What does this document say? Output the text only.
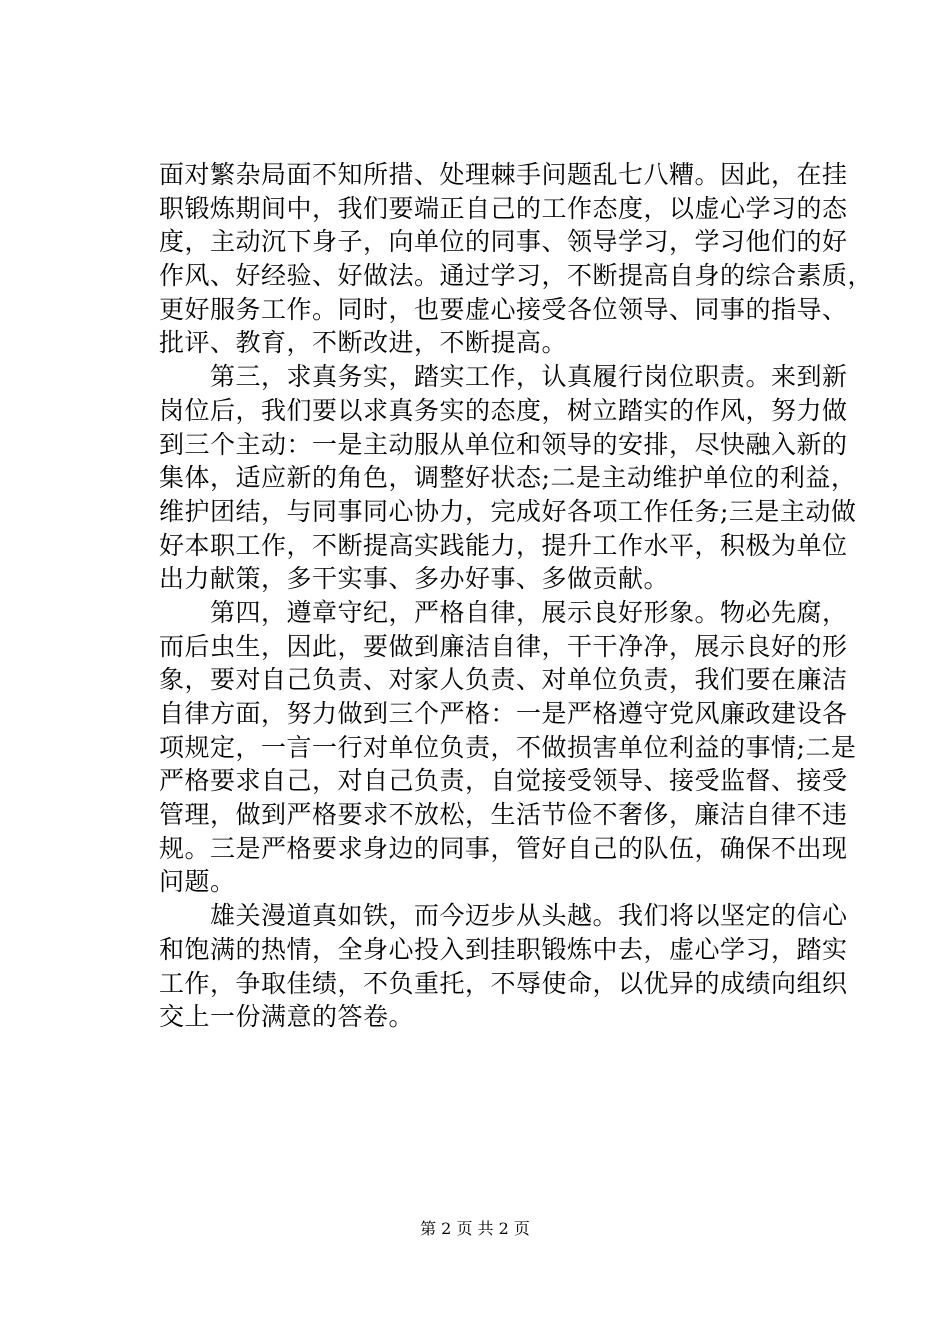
面对繁杂局面不知所措、处理棘手问题乱七八糟。因此，在挂
职锻炼期间中，我们要端正自己的工作态度，以虚心学习的态
度，主动沉下身子，向单位的同事、领导学习，学习他们的好
作风、好经验、好做法。通过学习，不断提高自身的综合素质，
更好服务工作。同时，也要虚心接受各位领导、同事的指导、
批评、教育，不断改进，不断提高。
　　第三，求真务实，踏实工作，认真履行岗位职责。来到新
岗位后，我们要以求真务实的态度，树立踏实的作风，努力做
到三个主动：一是主动服从单位和领导的安排，尽快融入新的
集体，适应新的角色，调整好状态;二是主动维护单位的利益，
维护团结，与同事同心协力，完成好各项工作任务;三是主动做
好本职工作，不断提高实践能力，提升工作水平，积极为单位
出力献策，多干实事、多办好事、多做贡献。
　　第四，遵章守纪，严格自律，展示良好形象。物必先腐，
而后虫生，因此，要做到廉洁自律，干干净净，展示良好的形
象，要对自己负责、对家人负责、对单位负责，我们要在廉洁
自律方面，努力做到三个严格：一是严格遵守党风廉政建设各
项规定，一言一行对单位负责，不做损害单位利益的事情;二是
严格要求自己，对自己负责，自觉接受领导、接受监督、接受
管理，做到严格要求不放松，生活节俭不奢侈，廉洁自律不违
规。三是严格要求身边的同事，管好自己的队伍，确保不出现
问题。
　　雄关漫道真如铁，而今迈步从头越。我们将以坚定的信心
和饱满的热情，全身心投入到挂职锻炼中去，虚心学习，踏实
工作，争取佳绩，不负重托，不辱使命，以优异的成绩向组织
交上一份满意的答卷。
第 2 页 共 2 页
